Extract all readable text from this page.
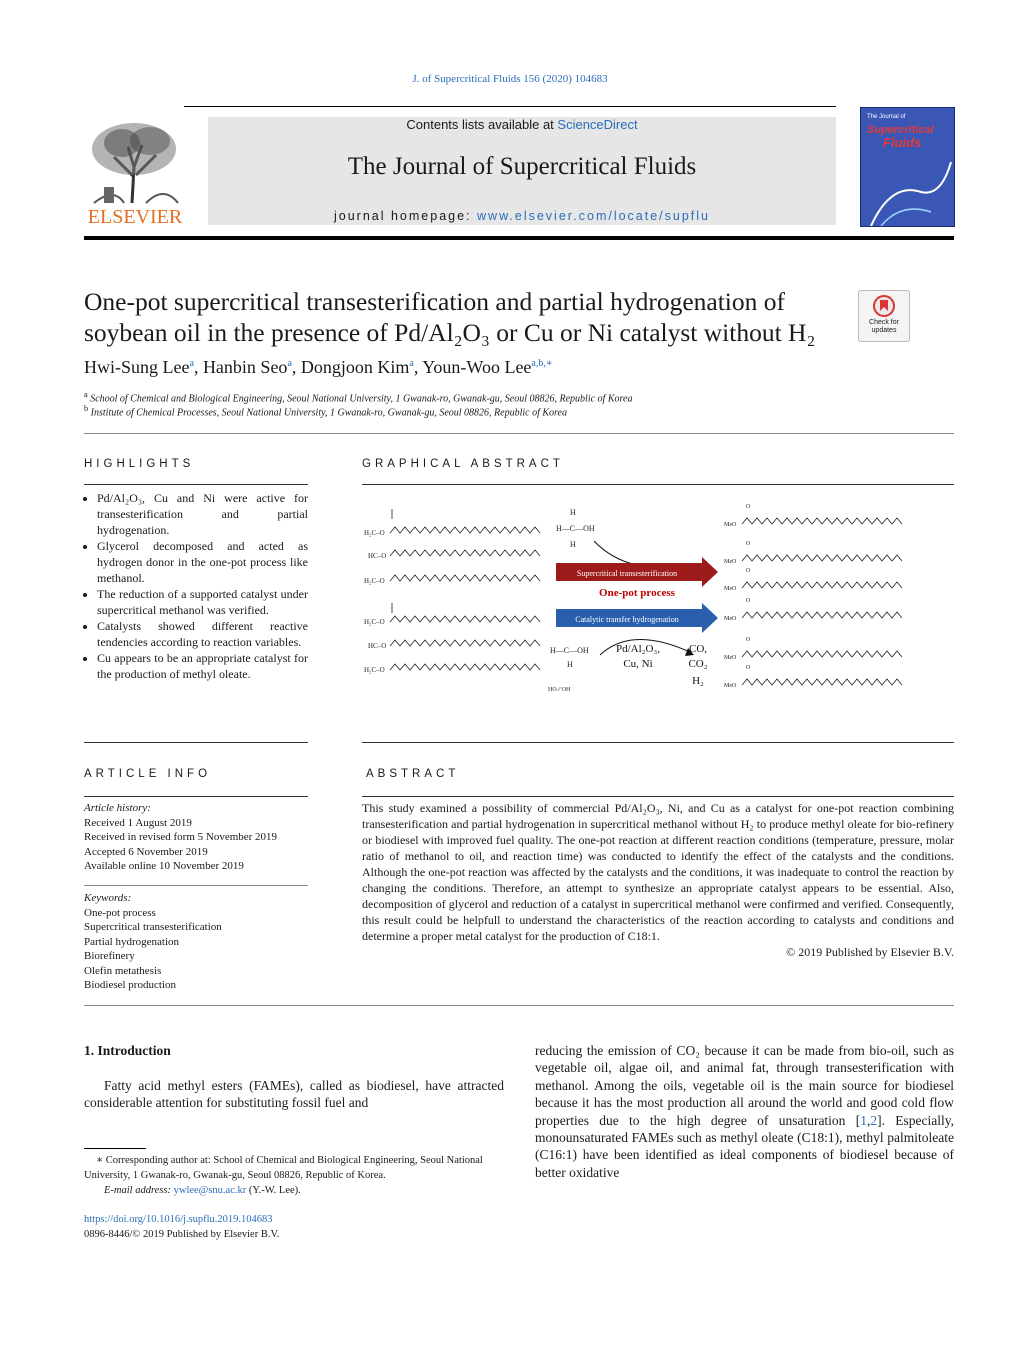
J. of Supercritical Fluids 156 (2020) 104683
ELSEVIER
Contents lists available at ScienceDirect
The Journal of Supercritical Fluids
journal homepage: www.elsevier.com/locate/supflu
The Journal of
Supercritical
Fluids
One-pot supercritical transesterification and partial hydrogenation of
soybean oil in the presence of Pd/Al₂O₃ or Cu or Ni catalyst without H₂	Check for
updates
Hwi-Sung Lee$^a$, Hanbin Seo$^a$, Dongjoon Kim$^a$, Youn-Woo Lee$^{a,b,∗}$
$^a$ School of Chemical and Biological Engineering, Seoul National University, 1 Gwanak-ro, Gwanak-gu, Seoul 08826, Republic of Korea
$^b$ Institute of Chemical Processes, Seoul National University, 1 Gwanak-ro, Gwanak-gu, Seoul 08826, Republic of Korea
HIGHLIGHTS
• Pd/Al₂O₃, Cu and Ni were active for transesterification and partial hydrogenation.
• Glycerol decomposed and acted as hydrogen donor in the one-pot process like methanol.
• The reduction of a supported catalyst under supercritical methanol was verified.
• Catalysts showed different reactive tendencies according to reaction variables.
• Cu appears to be an appropriate catalyst for the production of methyl oleate.
GRAPHICAL ABSTRACT
H₂C–O
HC–O
H₂C–O
H₂C–O
HC–O
H₂C–O
H
H—C—OH
H
Supercritical transesterification
One-pot process
Catalytic transfer hydrogenation
H—C—OH
H
HO ⁄⁄ OH
Pd/Al₂O₃,
Cu, Ni
CO,
CO₂
H₂
MeO
MeO
MeO
MeO
MeO
MeO
O
O
O
O
O
O
ARTICLE INFO
Article history:
Received 1 August 2019
Received in revised form 5 November 2019
Accepted 6 November 2019
Available online 10 November 2019
Keywords:
One-pot process
Supercritical transesterification
Partial hydrogenation
Biorefinery
Olefin metathesis
Biodiesel production
ABSTRACT
This study examined a possibility of commercial Pd/Al₂O₃, Ni, and Cu as a catalyst for one-pot reaction combining transesterification and partial hydrogenation in supercritical methanol without H₂ to produce methyl oleate for bio-refinery or biodiesel with improved fuel quality. The one-pot reaction at different reaction conditions (temperature, pressure, molar ratio of methanol to oil, and reaction time) was conducted to identify the effect of the catalysts and the conditions. Although the one-pot reaction was affected by the catalysts and the conditions, it was inadequate to control the reaction by changing the conditions. Therefore, an attempt to synthesize an appropriate catalyst appears to be essential. Also, decomposition of glycerol and reduction of a catalyst in supercritical methanol were confirmed and verified. Consequently, this result could be helpfull to understand the characteristics of the reaction according to catalysts and conditions and determine a proper metal catalyst for the production of C18:1.
© 2019 Published by Elsevier B.V.
1. Introduction
Fatty acid methyl esters (FAMEs), called as biodiesel, have attracted considerable attention for substituting fossil fuel and
reducing the emission of CO₂ because it can be made from bio-oil, such as vegetable oil, algae oil, and animal fat, through transesterification with methanol. Among the oils, vegetable oil is the main source for biodiesel because it has the most production all around the world and good cold flow properties due to the high degree of unsaturation [1,2]. Especially, monounsaturated FAMEs such as methyl oleate (C18:1), methyl palmitoleate (C16:1) have been identified as ideal components of biodiesel because of better oxidative
∗ Corresponding author at: School of Chemical and Biological Engineering, Seoul National University, 1 Gwanak-ro, Gwanak-gu, Seoul 08826, Republic of Korea.
E-mail address: ywlee@snu.ac.kr (Y.-W. Lee).
https://doi.org/10.1016/j.supflu.2019.104683
0896-8446/© 2019 Published by Elsevier B.V.
